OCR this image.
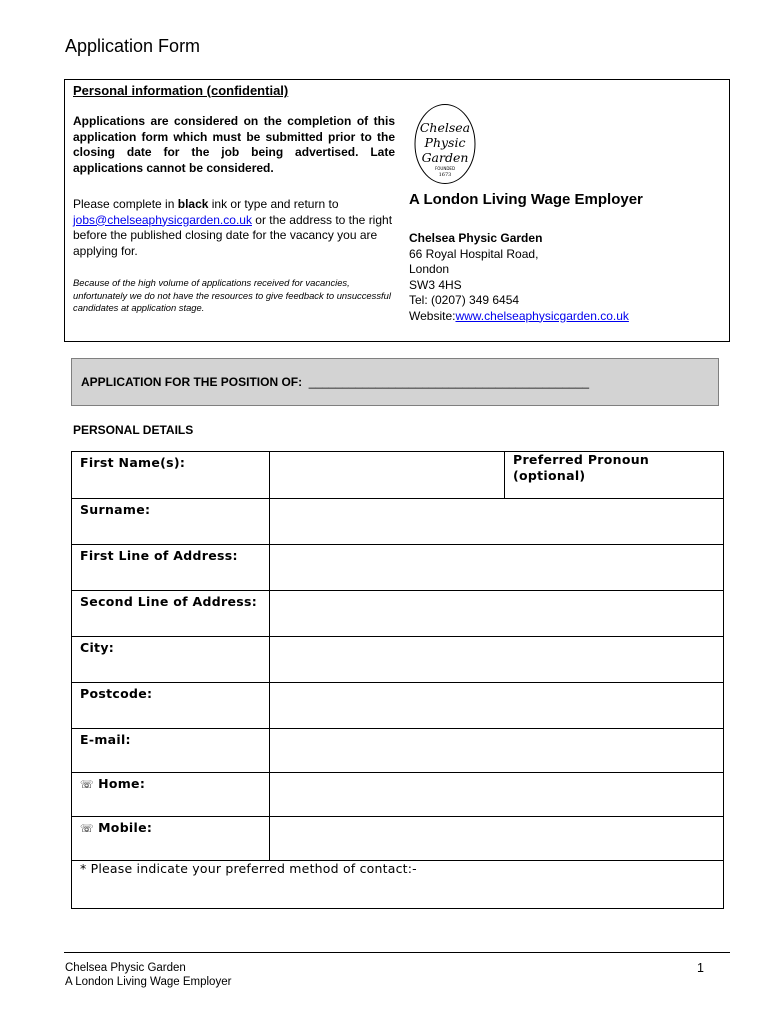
Application Form
Personal information (confidential)
Applications are considered on the completion of this application form which must be submitted prior to the closing date for the job being advertised. Late applications cannot be considered.
Please complete in black ink or type and return to jobs@chelseaphysicgarden.co.uk or the address to the right before the published closing date for the vacancy you are applying for.
Because of the high volume of applications received for vacancies, unfortunately we do not have the resources to give feedback to unsuccessful candidates at application stage.
Chelsea
Physic
Garden
FOUNDED
1673
A London Living Wage Employer
Chelsea Physic Garden
66 Royal Hospital Road,
London
SW3 4HS
Tel: (0207) 349 6454
Website:www.chelseaphysicgarden.co.uk
APPLICATION FOR THE POSITION OF: __________________________________________
PERSONAL DETAILS
First Name(s):		Preferred Pronoun (optional)
Surname:		
First Line of Address:		
Second Line of Address:		
City:		
Postcode:		
E-mail:		
☏ Home:		
☏ Mobile:		
* Please indicate your preferred method of contact:-		
Chelsea Physic Garden
A London Living Wage Employer
1
